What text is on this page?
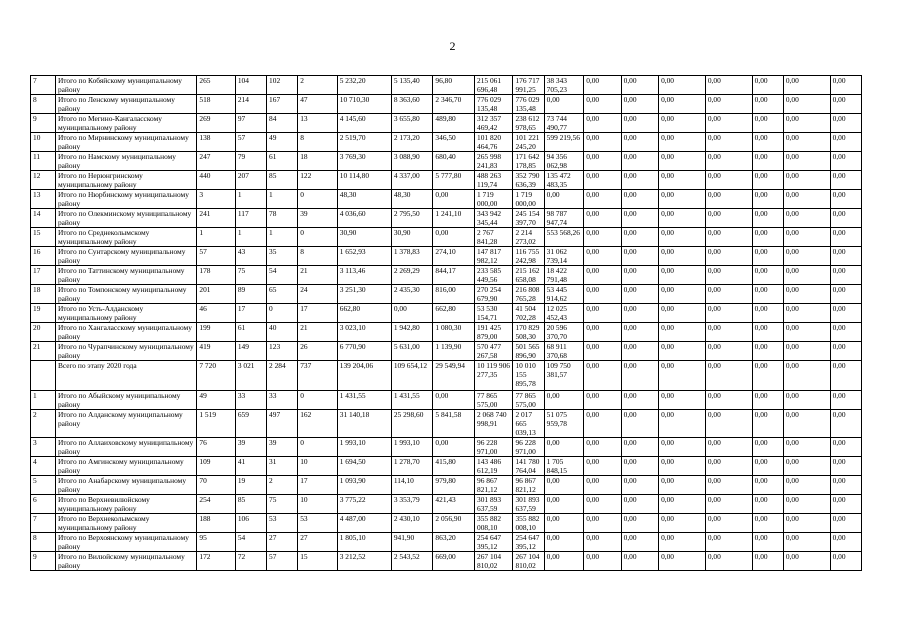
2
7	Итого по Кобяйскому муниципальному району	265	104	102	2	5 232,20	5 135,40	96,80	215 061 696,48	176 717 991,25	38 343 705,23	0,00	0,00	0,00	0,00	0,00	0,00	0,00
8	Итого по Ленскому муниципальному району	518	214	167	47	10 710,30	8 363,60	2 346,70	776 029 135,48	776 029 135,48	0,00	0,00	0,00	0,00	0,00	0,00	0,00	0,00
9	Итого по Мегино-Кангаласскому муниципальному району	269	97	84	13	4 145,60	3 655,80	489,80	312 357 469,42	238 612 978,65	73 744 490,77	0,00	0,00	0,00	0,00	0,00	0,00	0,00
10	Итого по Мирнинскому муниципальному району	138	57	49	8	2 519,70	2 173,20	346,50	101 820 464,76	101 221 245,20	599 219,56	0,00	0,00	0,00	0,00	0,00	0,00	0,00
11	Итого по Намскому муниципальному району	247	79	61	18	3 769,30	3 088,90	680,40	265 998 241,83	171 642 178,85	94 356 062,98	0,00	0,00	0,00	0,00	0,00	0,00	0,00
12	Итого по Нерюнгринскому муниципальному району	440	207	85	122	10 114,80	4 337,00	5 777,80	488 263 119,74	352 790 636,39	135 472 483,35	0,00	0,00	0,00	0,00	0,00	0,00	0,00
13	Итого по Нюрбинскому муниципальному району	3	1	1	0	48,30	48,30	0,00	1 719 000,00	1 719 000,00	0,00	0,00	0,00	0,00	0,00	0,00	0,00	0,00
14	Итого по Олекминскому муниципальному району	241	117	78	39	4 036,60	2 795,50	1 241,10	343 942 345,44	245 154 397,70	98 787 947,74	0,00	0,00	0,00	0,00	0,00	0,00	0,00
15	Итого по Среднеколымскому муниципальному району	1	1	1	0	30,90	30,90	0,00	2 767 841,28	2 214 273,02	553 568,26	0,00	0,00	0,00	0,00	0,00	0,00	0,00
16	Итого по Сунтарскому муниципальному району	57	43	35	8	1 652,93	1 378,83	274,10	147 817 982,12	116 755 242,98	31 062 739,14	0,00	0,00	0,00	0,00	0,00	0,00	0,00
17	Итого по Таттинскому муниципальному району	178	75	54	21	3 113,46	2 269,29	844,17	233 585 449,56	215 162 658,08	18 422 791,48	0,00	0,00	0,00	0,00	0,00	0,00	0,00
18	Итого по Томпонскому муниципальному району	201	89	65	24	3 251,30	2 435,30	816,00	270 254 679,90	216 808 765,28	53 445 914,62	0,00	0,00	0,00	0,00	0,00	0,00	0,00
19	Итого по Усть-Алданскому муниципальному району	46	17	0	17	662,80	0,00	662,80	53 530 154,71	41 504 702,28	12 025 452,43	0,00	0,00	0,00	0,00	0,00	0,00	0,00
20	Итого по Хангаласскому муниципальному району	199	61	40	21	3 023,10	1 942,80	1 080,30	191 425 879,00	170 829 508,30	20 596 370,70	0,00	0,00	0,00	0,00	0,00	0,00	0,00
21	Итого по Чурапчинскому муниципальному району	419	149	123	26	6 770,90	5 631,00	1 139,90	570 477 267,58	501 565 896,90	68 911 370,68	0,00	0,00	0,00	0,00	0,00	0,00	0,00
	Всего по этапу 2020 года	7 720	3 021	2 284	737	139 204,06	109 654,12	29 549,94	10 119 906 277,35	10 010 155 895,78	109 750 381,57	0,00	0,00	0,00	0,00	0,00	0,00	0,00
1	Итого по Абыйскому муниципальному району	49	33	33	0	1 431,55	1 431,55	0,00	77 865 575,00	77 865 575,00	0,00	0,00	0,00	0,00	0,00	0,00	0,00	0,00
2	Итого по Алданскому муниципальному району	1 519	659	497	162	31 140,18	25 298,60	5 841,58	2 068 740 998,91	2 017 665 039,13	51 075 959,78	0,00	0,00	0,00	0,00	0,00	0,00	0,00
3	Итого по Аллаиховскому муниципальному району	76	39	39	0	1 993,10	1 993,10	0,00	96 228 971,00	96 228 971,00	0,00	0,00	0,00	0,00	0,00	0,00	0,00	0,00
4	Итого по Амгинскому муниципальному району	109	41	31	10	1 694,50	1 278,70	415,80	143 486 612,19	141 780 764,04	1 705 848,15	0,00	0,00	0,00	0,00	0,00	0,00	0,00
5	Итого по Анабарскому муниципальному району	70	19	2	17	1 093,90	114,10	979,80	96 867 821,12	96 867 821,12	0,00	0,00	0,00	0,00	0,00	0,00	0,00	0,00
6	Итого по Верхневилюйскому муниципальному району	254	85	75	10	3 775,22	3 353,79	421,43	301 893 637,59	301 893 637,59	0,00	0,00	0,00	0,00	0,00	0,00	0,00	0,00
7	Итого по Верхнеколымскому муниципальному району	188	106	53	53	4 487,00	2 430,10	2 056,90	355 882 008,10	355 882 008,10	0,00	0,00	0,00	0,00	0,00	0,00	0,00	0,00
8	Итого по Верхоянскому муниципальному району	95	54	27	27	1 805,10	941,90	863,20	254 647 395,12	254 647 395,12	0,00	0,00	0,00	0,00	0,00	0,00	0,00	0,00
9	Итого по Вилюйскому муниципальному району	172	72	57	15	3 212,52	2 543,52	669,00	267 104 810,02	267 104 810,02	0,00	0,00	0,00	0,00	0,00	0,00	0,00	0,00
